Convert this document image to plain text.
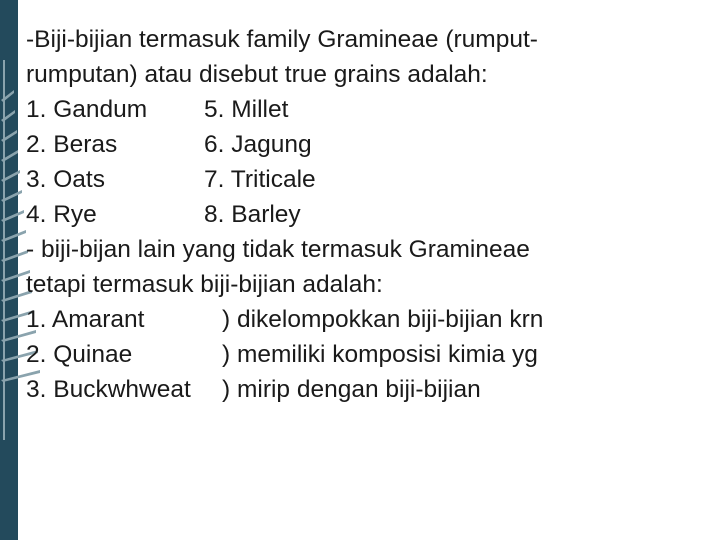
-Biji-bijian termasuk family Gramineae (rumput-
rumputan) atau disebut true grains adalah:
1. Gandum 5. Millet
2. Beras	6. Jagung
3. Oats	7. Triticale
4. Rye	8. Barley
- biji-bijan lain yang tidak termasuk Gramineae
tetapi termasuk biji-bijian adalah:
1. Amarant	) dikelompokkan biji-bijian krn
2. Quinae	) memiliki komposisi kimia yg
3. Buckwhweat ) mirip dengan biji-bijian
